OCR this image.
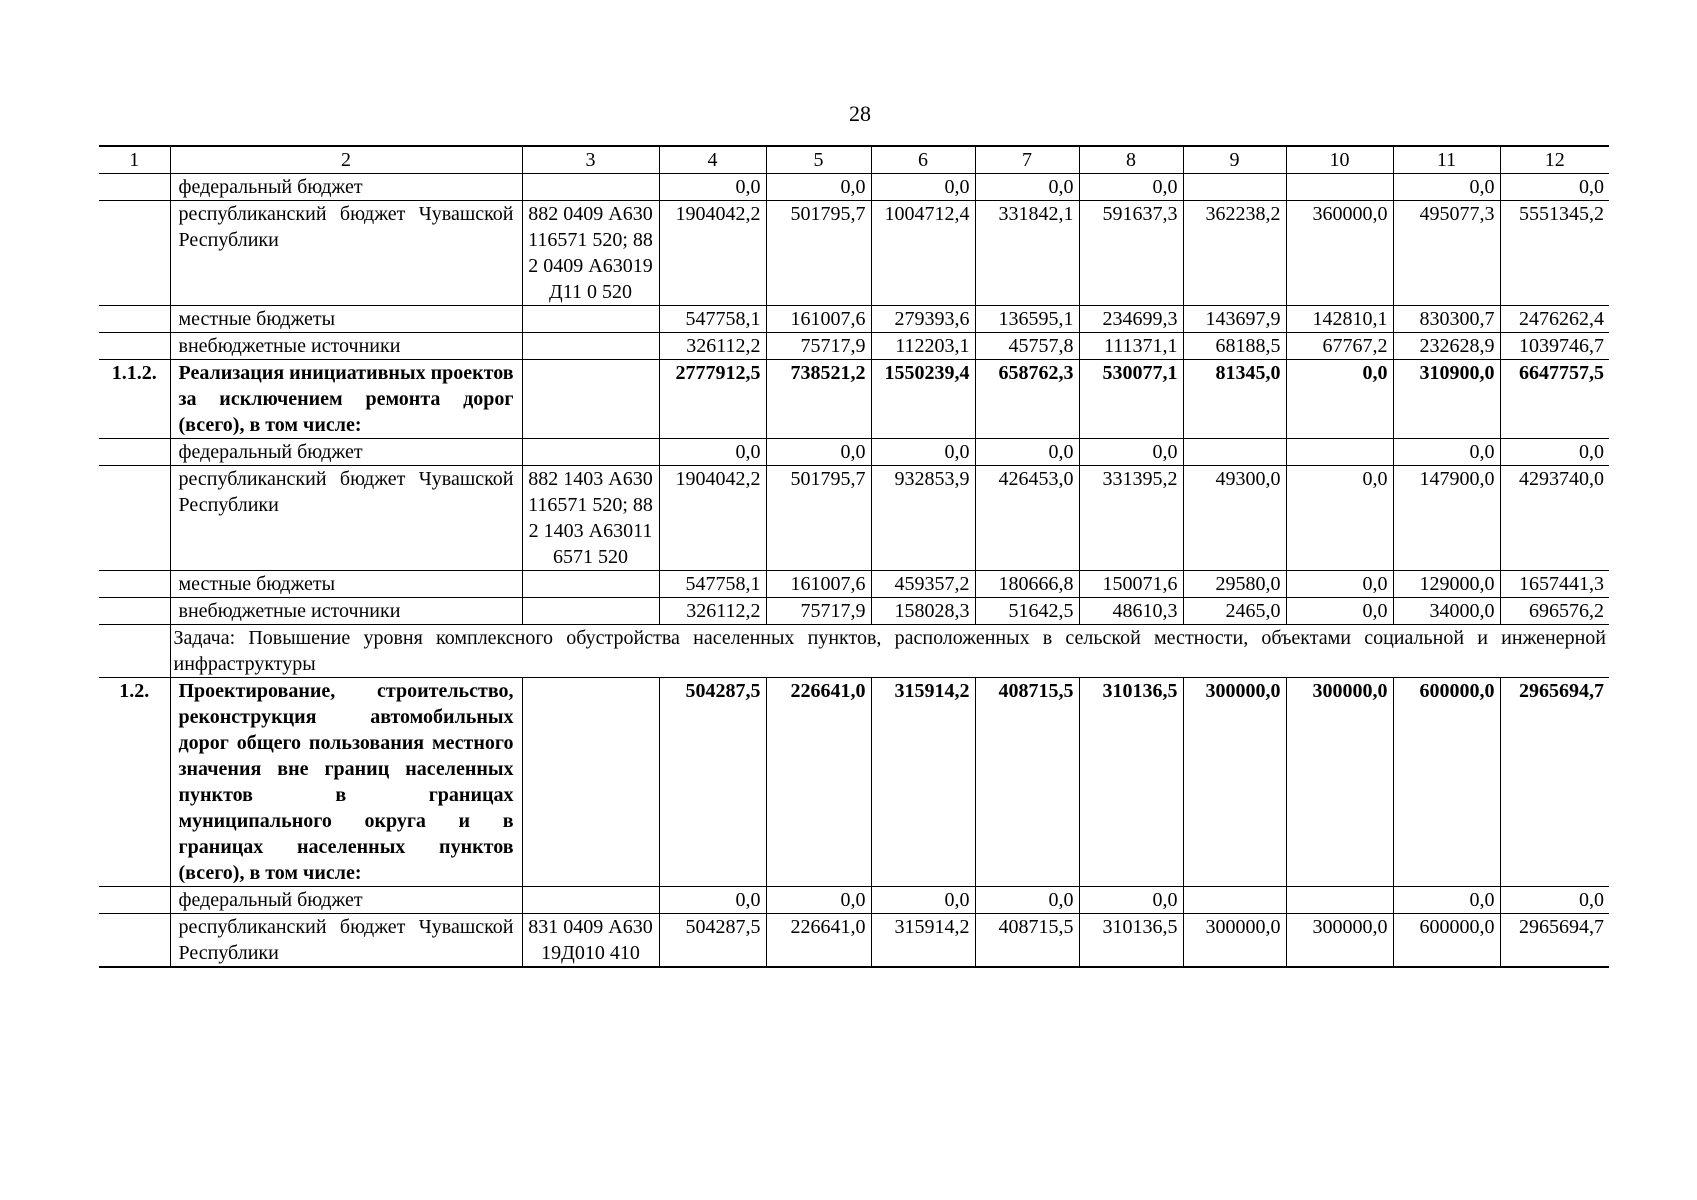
28
1	2	3	4	5	6	7	8	9	10	11	12
	федеральный бюджет		0,0	0,0	0,0	0,0	0,0			0,0	0,0
	республиканский бюджет Чувашской Республики	882 0409 А630116571 520; 882 0409 А63019Д11 0 520	1904042,2	501795,7	1004712,4	331842,1	591637,3	362238,2	360000,0	495077,3	5551345,2
	местные бюджеты		547758,1	161007,6	279393,6	136595,1	234699,3	143697,9	142810,1	830300,7	2476262,4
	внебюджетные источники		326112,2	75717,9	112203,1	45757,8	111371,1	68188,5	67767,2	232628,9	1039746,7
1.1.2.	Реализация инициативных проектов за исключением ремонта дорог (всего), в том числе:		2777912,5	738521,2	1550239,4	658762,3	530077,1	81345,0	0,0	310900,0	6647757,5
	федеральный бюджет		0,0	0,0	0,0	0,0	0,0			0,0	0,0
	республиканский бюджет Чувашской Республики	882 1403 А630116571 520; 882 1403 А630116571 520	1904042,2	501795,7	932853,9	426453,0	331395,2	49300,0	0,0	147900,0	4293740,0
	местные бюджеты		547758,1	161007,6	459357,2	180666,8	150071,6	29580,0	0,0	129000,0	1657441,3
	внебюджетные источники		326112,2	75717,9	158028,3	51642,5	48610,3	2465,0	0,0	34000,0	696576,2
	Задача: Повышение уровня комплексного обустройства населенных пунктов, расположенных в сельской местности, объектами социальной и инженерной инфраструктуры										
1.2.	Проектирование, строительство, реконструкция автомобильных дорог общего пользования местного значения вне границ населенных пунктов в границах муниципального округа и в границах населенных пунктов (всего), в том числе:		504287,5	226641,0	315914,2	408715,5	310136,5	300000,0	300000,0	600000,0	2965694,7
	федеральный бюджет		0,0	0,0	0,0	0,0	0,0			0,0	0,0
	республиканский бюджет Чувашской Республики	831 0409 А63019Д010 410	504287,5	226641,0	315914,2	408715,5	310136,5	300000,0	300000,0	600000,0	2965694,7
